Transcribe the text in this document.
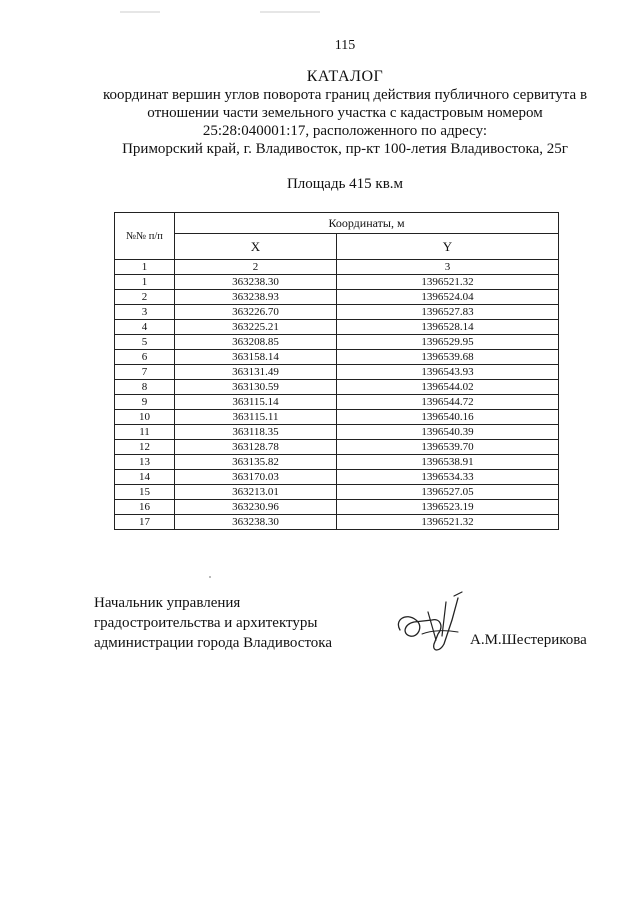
115
КАТАЛОГ
координат вершин углов поворота границ действия публичного сервитута в
отношении части земельного участка с кадастровым номером
25:28:040001:17, расположенного по адресу:
Приморский край, г. Владивосток, пр-кт 100-летия Владивостока, 25г
Площадь 415 кв.м
№№ п/п	Координаты, м	
	X	Y
1	2	3
1	363238.30	1396521.32
2	363238.93	1396524.04
3	363226.70	1396527.83
4	363225.21	1396528.14
5	363208.85	1396529.95
6	363158.14	1396539.68
7	363131.49	1396543.93
8	363130.59	1396544.02
9	363115.14	1396544.72
10	363115.11	1396540.16
11	363118.35	1396540.39
12	363128.78	1396539.70
13	363135.82	1396538.91
14	363170.03	1396534.33
15	363213.01	1396527.05
16	363230.96	1396523.19
17	363238.30	1396521.32
Начальник управления
градостроительства и архитектуры
администрации города Владивостока	А.М.Шестерикова
